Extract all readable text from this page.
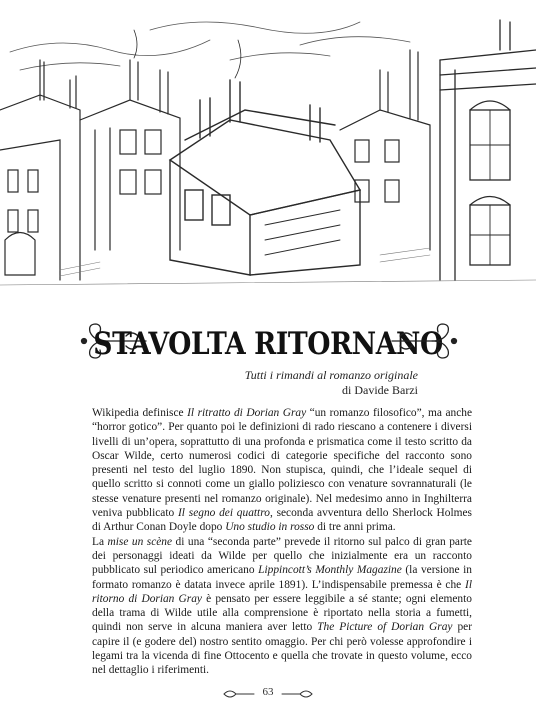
STAVOLTA RITORNANO
Tutti i rimandi al romanzo originale
di Davide Barzi

Wikipedia definisce Il ritratto di Dorian Gray “un romanzo filosofico”, ma anche “horror gotico”. Per quanto poi le definizioni di rado riescano a contenere i diversi livelli di un’opera, soprattutto di una profonda e prismatica come il testo scritto da Oscar Wilde, certo numerosi codici di categorie specifiche del racconto sono presenti nel testo del luglio 1890. Non stupisca, quindi, che l’ideale sequel di quello scritto si connoti come un giallo poliziesco con venature sovrannaturali (le stesse venature presenti nel romanzo originale). Nel medesimo anno in Inghilterra veniva pubblicato Il segno dei quattro, seconda avventura dello Sherlock Holmes di Arthur Conan Doyle dopo Uno studio in rosso di tre anni prima.

La mise un scène di una “seconda parte” prevede il ritorno sul palco di gran parte dei personaggi ideati da Wilde per quello che inizialmente era un racconto pubblicato sul periodico americano Lippincott’s Monthly Magazine (la versione in formato romanzo è datata invece aprile 1891). L’indispensabile premessa è che Il ritorno di Dorian Gray è pensato per essere leggibile a sé stante; ogni elemento della trama di Wilde utile alla comprensione è riportato nella storia a fumetti, quindi non serve in alcuna maniera aver letto The Picture of Dorian Gray per capire il (e godere del) nostro sentito omaggio. Per chi però volesse approfondire i legami tra la vicenda di fine Ottocento e quella che trovate in questo volume, ecco nel dettaglio i riferimenti.

63
